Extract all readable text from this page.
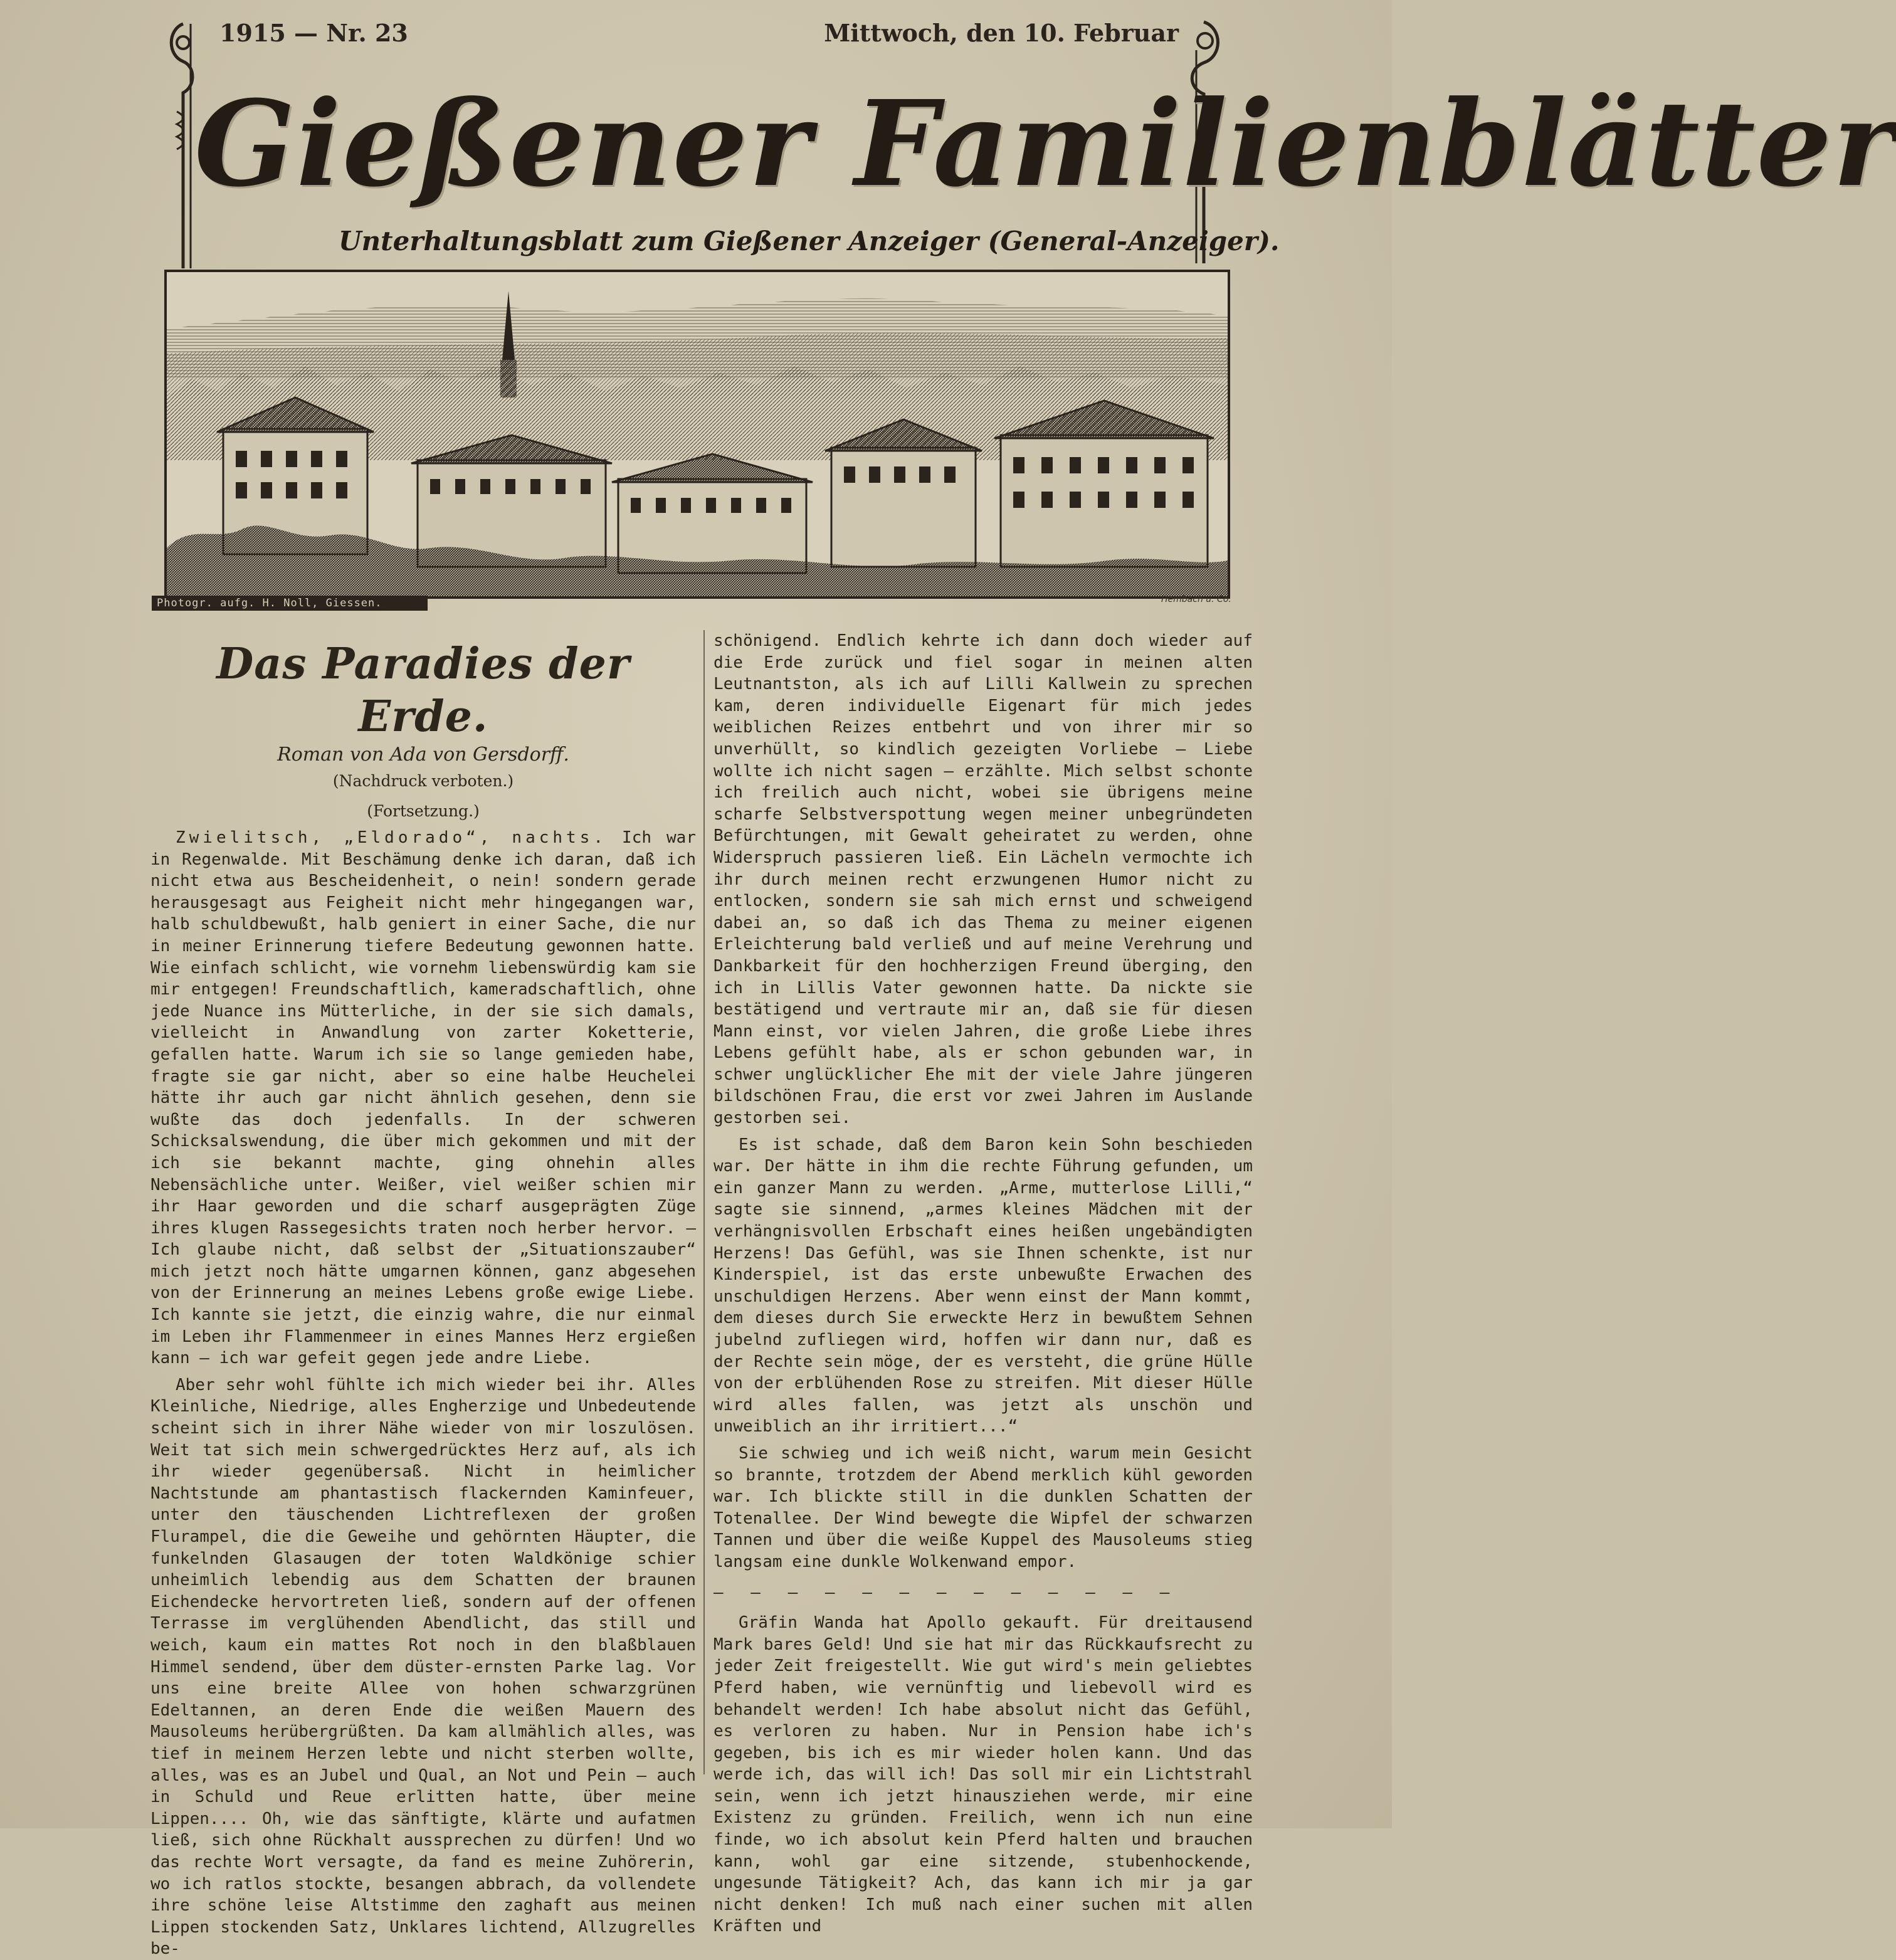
1915 — Nr. 23	Mittwoch, den 10. Februar
Gießener Familienblätter
Unterhaltungsblatt zum Gießener Anzeiger (General-Anzeiger).
Photogr. aufg. H. Noll, Giessen.	Hembach u. Co.
Das Paradies der Erde.
Roman von Ada von Gersdorff.
(Nachdruck verboten.)
(Fortsetzung.)

Zwielitsch, „Eldorado“, nachts. Ich war in Regenwalde. Mit Beschämung denke ich daran, daß ich nicht etwa aus Bescheidenheit, o nein! sondern gerade herausgesagt aus Feigheit nicht mehr hingegangen war, halb schuldbewußt, halb geniert in einer Sache, die nur in meiner Erinnerung tiefere Bedeutung gewonnen hatte. Wie einfach schlicht, wie vornehm liebenswürdig kam sie mir entgegen! Freundschaftlich, kameradschaftlich, ohne jede Nuance ins Mütterliche, in der sie sich damals, vielleicht in Anwandlung von zarter Koketterie, gefallen hatte. Warum ich sie so lange gemieden habe, fragte sie gar nicht, aber so eine halbe Heuchelei hätte ihr auch gar nicht ähnlich gesehen, denn sie wußte das doch jedenfalls. In der schweren Schicksalswendung, die über mich gekommen und mit der ich sie bekannt machte, ging ohnehin alles Nebensächliche unter. Weißer, viel weißer schien mir ihr Haar geworden und die scharf ausgeprägten Züge ihres klugen Rassegesichts traten noch herber hervor. — Ich glaube nicht, daß selbst der „Situationszauber“ mich jetzt noch hätte umgarnen können, ganz abgesehen von der Erinnerung an meines Lebens große ewige Liebe. Ich kannte sie jetzt, die einzig wahre, die nur einmal im Leben ihr Flammenmeer in eines Mannes Herz ergießen kann — ich war gefeit gegen jede andre Liebe.

Aber sehr wohl fühlte ich mich wieder bei ihr. Alles Kleinliche, Niedrige, alles Engherzige und Unbedeutende scheint sich in ihrer Nähe wieder von mir loszulösen. Weit tat sich mein schwergedrücktes Herz auf, als ich ihr wieder gegenübersaß. Nicht in heimlicher Nachtstunde am phantastisch flackernden Kaminfeuer, unter den täuschenden Lichtreflexen der großen Flurampel, die die Geweihe und gehörnten Häupter, die funkelnden Glasaugen der toten Waldkönige schier unheimlich lebendig aus dem Schatten der braunen Eichendecke hervortreten ließ, sondern auf der offenen Terrasse im verglühenden Abendlicht, das still und weich, kaum ein mattes Rot noch in den blaßblauen Himmel sendend, über dem düster-ernsten Parke lag. Vor uns eine breite Allee von hohen schwarzgrünen Edeltannen, an deren Ende die weißen Mauern des Mausoleums herübergrüßten. Da kam allmählich alles, was tief in meinem Herzen lebte und nicht sterben wollte, alles, was es an Jubel und Qual, an Not und Pein — auch in Schuld und Reue erlitten hatte, über meine Lippen.... Oh, wie das sänftigte, klärte und aufatmen ließ, sich ohne Rückhalt aussprechen zu dürfen! Und wo das rechte Wort versagte, da fand es meine Zuhörerin, wo ich ratlos stockte, besangen abbrach, da vollendete ihre schöne leise Altstimme den zaghaft aus meinen Lippen stockenden Satz, Unklares lichtend, Allzugrelles be-

schönigend. Endlich kehrte ich dann doch wieder auf die Erde zurück und fiel sogar in meinen alten Leutnantston, als ich auf Lilli Kallwein zu sprechen kam, deren individuelle Eigenart für mich jedes weiblichen Reizes entbehrt und von ihrer mir so unverhüllt, so kindlich gezeigten Vorliebe — Liebe wollte ich nicht sagen — erzählte. Mich selbst schonte ich freilich auch nicht, wobei sie übrigens meine scharfe Selbstverspottung wegen meiner unbegründeten Befürchtungen, mit Gewalt geheiratet zu werden, ohne Widerspruch passieren ließ. Ein Lächeln vermochte ich ihr durch meinen recht erzwungenen Humor nicht zu entlocken, sondern sie sah mich ernst und schweigend dabei an, so daß ich das Thema zu meiner eigenen Erleichterung bald verließ und auf meine Verehrung und Dankbarkeit für den hochherzigen Freund überging, den ich in Lillis Vater gewonnen hatte. Da nickte sie bestätigend und vertraute mir an, daß sie für diesen Mann einst, vor vielen Jahren, die große Liebe ihres Lebens gefühlt habe, als er schon gebunden war, in schwer unglücklicher Ehe mit der viele Jahre jüngeren bildschönen Frau, die erst vor zwei Jahren im Auslande gestorben sei.

Es ist schade, daß dem Baron kein Sohn beschieden war. Der hätte in ihm die rechte Führung gefunden, um ein ganzer Mann zu werden. „Arme, mutterlose Lilli,“ sagte sie sinnend, „armes kleines Mädchen mit der verhängnisvollen Erbschaft eines heißen ungebändigten Herzens! Das Gefühl, was sie Ihnen schenkte, ist nur Kinderspiel, ist das erste unbewußte Erwachen des unschuldigen Herzens. Aber wenn einst der Mann kommt, dem dieses durch Sie erweckte Herz in bewußtem Sehnen jubelnd zufliegen wird, hoffen wir dann nur, daß es der Rechte sein möge, der es versteht, die grüne Hülle von der erblühenden Rose zu streifen. Mit dieser Hülle wird alles fallen, was jetzt als unschön und unweiblich an ihr irritiert...“

Sie schwieg und ich weiß nicht, warum mein Gesicht so brannte, trotzdem der Abend merklich kühl geworden war. Ich blickte still in die dunklen Schatten der Totenallee. Der Wind bewegte die Wipfel der schwarzen Tannen und über die weiße Kuppel des Mausoleums stieg langsam eine dunkle Wolkenwand empor.

— — — — — — — — — — — — —

Gräfin Wanda hat Apollo gekauft. Für dreitausend Mark bares Geld! Und sie hat mir das Rückkaufsrecht zu jeder Zeit freigestellt. Wie gut wird's mein geliebtes Pferd haben, wie vernünftig und liebevoll wird es behandelt werden! Ich habe absolut nicht das Gefühl, es verloren zu haben. Nur in Pension habe ich's gegeben, bis ich es mir wieder holen kann. Und das werde ich, das will ich! Das soll mir ein Lichtstrahl sein, wenn ich jetzt hinausziehen werde, mir eine Existenz zu gründen. Freilich, wenn ich nun eine finde, wo ich absolut kein Pferd halten und brauchen kann, wohl gar eine sitzende, stubenhockende, ungesunde Tätigkeit? Ach, das kann ich mir ja gar nicht denken! Ich muß nach einer suchen mit allen Kräften und
